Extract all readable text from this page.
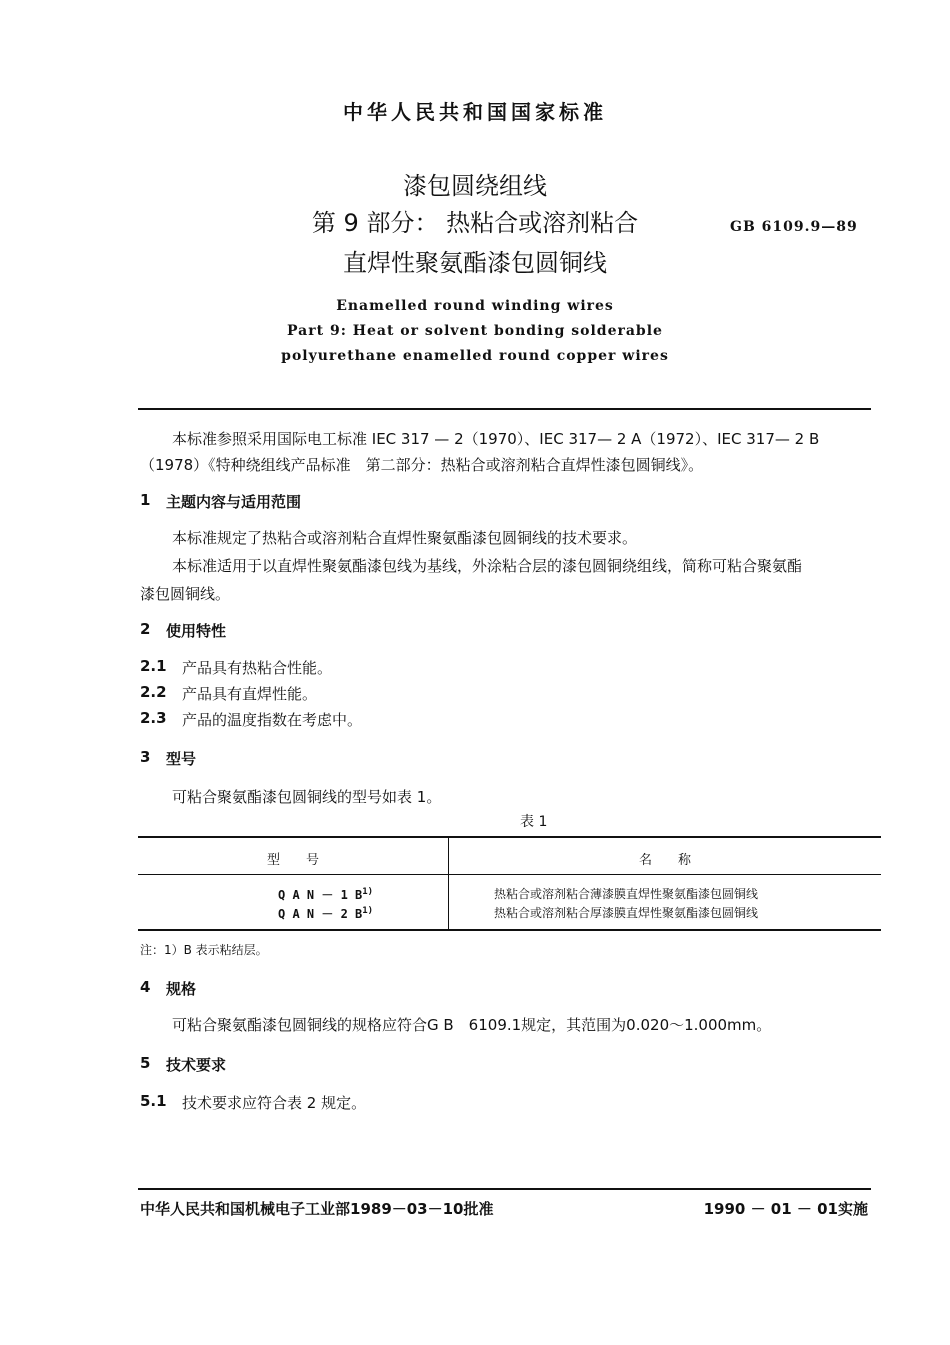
中华人民共和国国家标准
漆包圆绕组线
第 9 部分： 热粘合或溶剂粘合
直焊性聚氨酯漆包圆铜线
GB 6109.9—89
Enamelled round winding wires
Part 9: Heat or solvent bonding solderable
polyurethane enamelled round copper wires
本标准参照采用国际电工标准 IEC 317 — 2（1970）、IEC 317— 2 A（1972）、IEC 317— 2 B
（1978）《特种绕组线产品标准　第二部分：热粘合或溶剂粘合直焊性漆包圆铜线》。
1 主题内容与适用范围
本标准规定了热粘合或溶剂粘合直焊性聚氨酯漆包圆铜线的技术要求。
本标准适用于以直焊性聚氨酯漆包线为基线，外涂粘合层的漆包圆铜绕组线，简称可粘合聚氨酯
漆包圆铜线。
2 使用特性
2.1 产品具有热粘合性能。
2.2 产品具有直焊性能。
2.3 产品的温度指数在考虑中。
3 型号
可粘合聚氨酯漆包圆铜线的型号如表 1。
表 1
型　　号	名　　称
Q A N － 1 $B^{1)}$	热粘合或溶剂粘合薄漆膜直焊性聚氨酯漆包圆铜线
Q A N － 2 $B^{1)}$	热粘合或溶剂粘合厚漆膜直焊性聚氨酯漆包圆铜线
注：1）B 表示粘结层。
4 规格
可粘合聚氨酯漆包圆铜线的规格应符合G B　6109.1规定，其范围为0.020～1.000mm。
5 技术要求
5.1 技术要求应符合表 2 规定。
中华人民共和国机械电子工业部1989－03－10批准	1990 － 01 － 01实施
